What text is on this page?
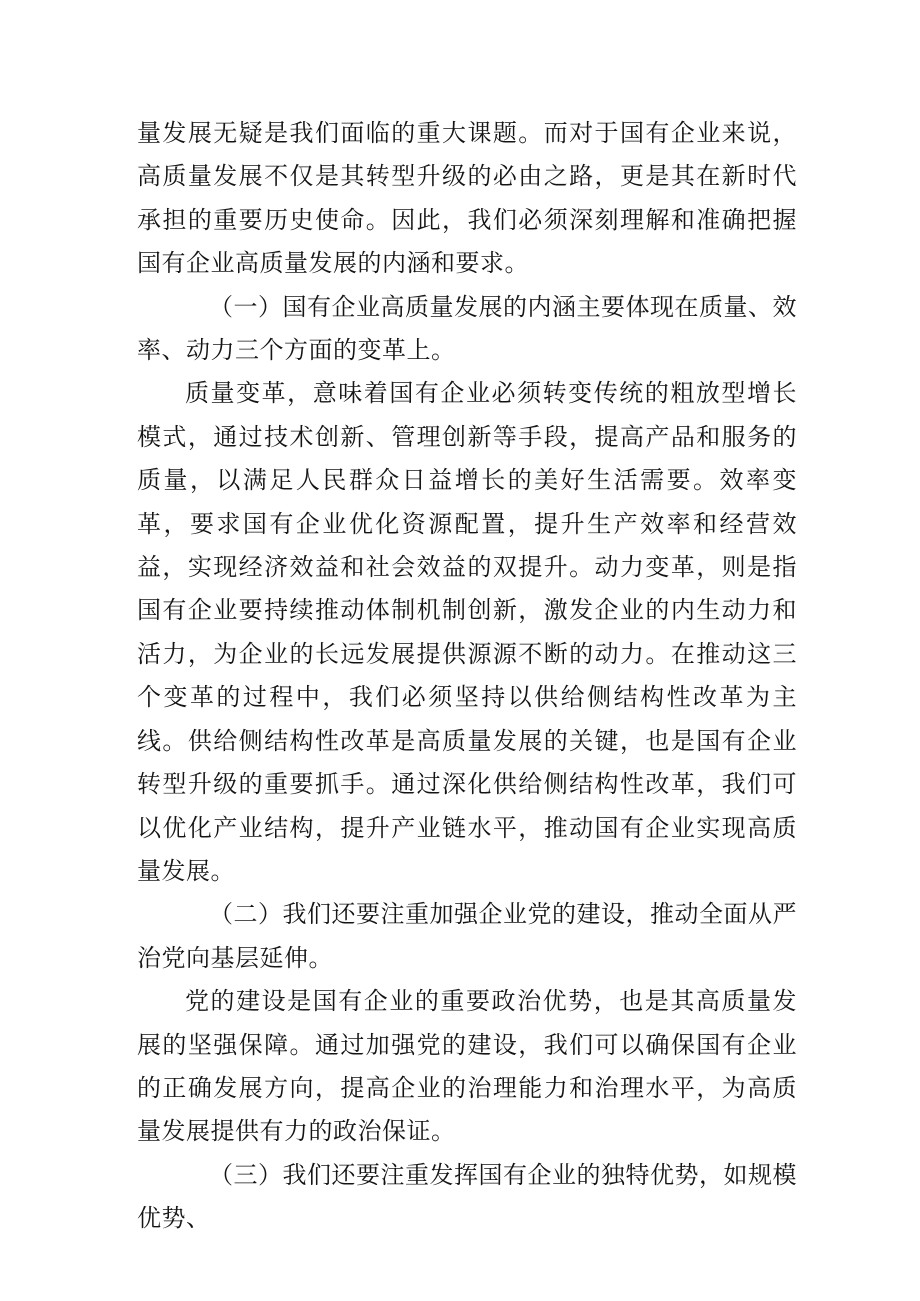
量发展无疑是我们面临的重大课题。而对于国有企业来说，高质量发展不仅是其转型升级的必由之路，更是其在新时代承担的重要历史使命。因此，我们必须深刻理解和准确把握国有企业高质量发展的内涵和要求。

（一）国有企业高质量发展的内涵主要体现在质量、效率、动力三个方面的变革上。

质量变革，意味着国有企业必须转变传统的粗放型增长模式，通过技术创新、管理创新等手段，提高产品和服务的质量，以满足人民群众日益增长的美好生活需要。效率变革，要求国有企业优化资源配置，提升生产效率和经营效益，实现经济效益和社会效益的双提升。动力变革，则是指国有企业要持续推动体制机制创新，激发企业的内生动力和活力，为企业的长远发展提供源源不断的动力。在推动这三个变革的过程中，我们必须坚持以供给侧结构性改革为主线。供给侧结构性改革是高质量发展的关键，也是国有企业转型升级的重要抓手。通过深化供给侧结构性改革，我们可以优化产业结构，提升产业链水平，推动国有企业实现高质量发展。

（二）我们还要注重加强企业党的建设，推动全面从严治党向基层延伸。

党的建设是国有企业的重要政治优势，也是其高质量发展的坚强保障。通过加强党的建设，我们可以确保国有企业的正确发展方向，提高企业的治理能力和治理水平，为高质量发展提供有力的政治保证。

（三）我们还要注重发挥国有企业的独特优势，如规模优势、
